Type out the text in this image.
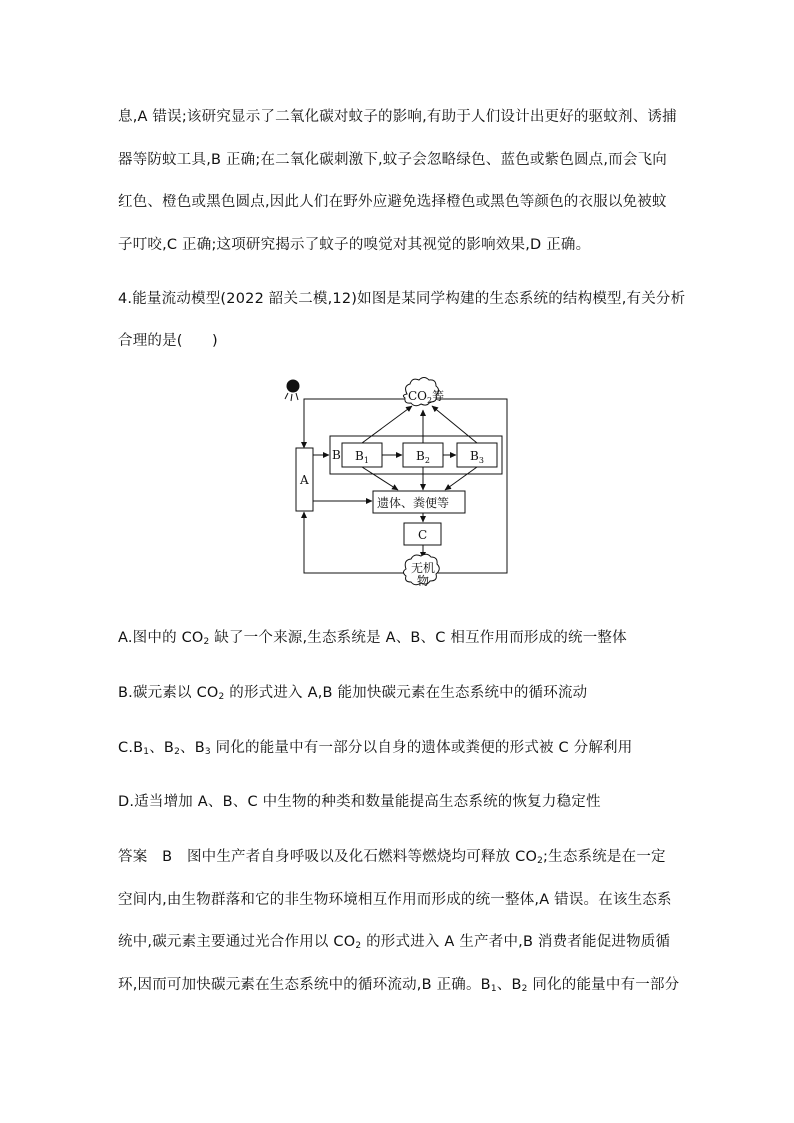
息,A 错误;该研究显示了二氧化碳对蚊子的影响,有助于人们设计出更好的驱蚊剂、诱捕
器等防蚊工具,B 正确;在二氧化碳刺激下,蚊子会忽略绿色、蓝色或紫色圆点,而会飞向
红色、橙色或黑色圆点,因此人们在野外应避免选择橙色或黑色等颜色的衣服以免被蚊
子叮咬,C 正确;这项研究揭示了蚊子的嗅觉对其视觉的影响效果,D 正确。
4.能量流动模型(2022 韶关二模,12)如图是某同学构建的生态系统的结构模型,有关分析
合理的是(　　)
$CO_2$等
A
B $B_1$	$B_2$	$B_3$
遗体、粪便等
C
无机
物
A.图中的 $CO_2$ 缺了一个来源,生态系统是 A、B、C 相互作用而形成的统一整体
B.碳元素以 $CO_2$ 的形式进入 A,B 能加快碳元素在生态系统中的循环流动
$C.B_1$、$B_2$、$B_3$ 同化的能量中有一部分以自身的遗体或粪便的形式被 C 分解利用
D.适当增加 A、B、C 中生物的种类和数量能提高生态系统的恢复力稳定性
答案　B　图中生产者自身呼吸以及化石燃料等燃烧均可释放 $CO_2$;生态系统是在一定
空间内,由生物群落和它的非生物环境相互作用而形成的统一整体,A 错误。在该生态系
统中,碳元素主要通过光合作用以 $CO_2$ 的形式进入 A 生产者中,B 消费者能促进物质循
环,因而可加快碳元素在生态系统中的循环流动,B 正确。$B_1$、$B_2$ 同化的能量中有一部分
